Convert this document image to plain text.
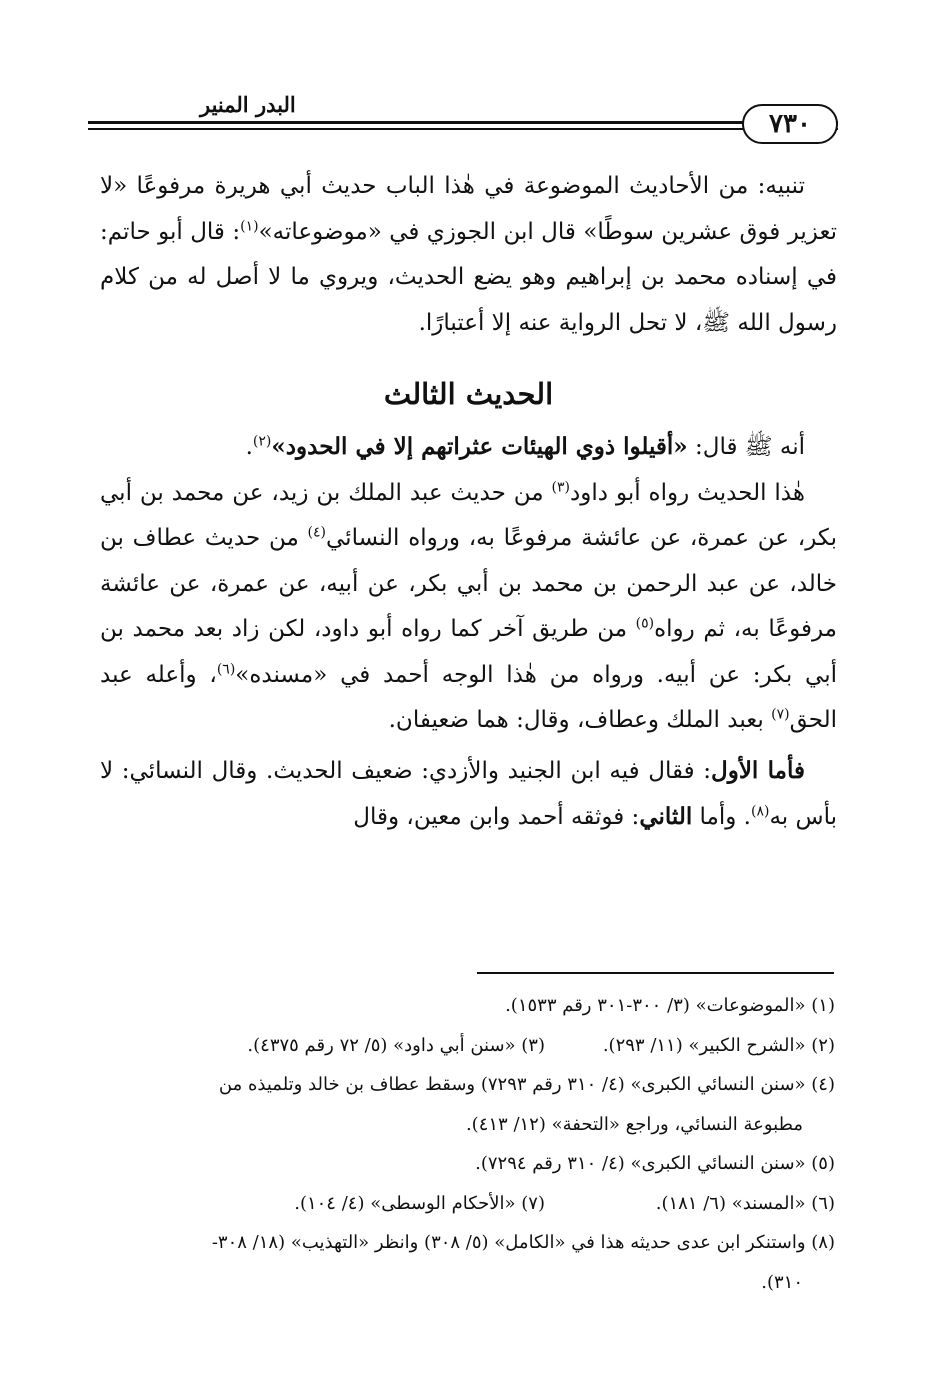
البدر المنير
٧٣٠

تنبيه: من الأحاديث الموضوعة في هٰذا الباب حديث أبي هريرة مرفوعًا «لا تعزير فوق عشرين سوطًا» قال ابن الجوزي في «موضوعاته»$^{(١)}$: قال أبو حاتم: في إسناده محمد بن إبراهيم وهو يضع الحديث، ويروي ما لا أصل له من كلام رسول الله ﷺ، لا تحل الرواية عنه إلا أعتبارًا.

الحديث الثالث

أنه ﷺ قال: «أقيلوا ذوي الهيئات عثراتهم إلا في الحدود»$^{(٢)}$.

هٰذا الحديث رواه أبو داود$^{(٣)}$ من حديث عبد الملك بن زيد، عن محمد بن أبي بكر، عن عمرة، عن عائشة مرفوعًا به، ورواه النسائي$^{(٤)}$ من حديث عطاف بن خالد، عن عبد الرحمن بن محمد بن أبي بكر، عن أبيه، عن عمرة، عن عائشة مرفوعًا به، ثم رواه$^{(٥)}$ من طريق آخر كما رواه أبو داود، لكن زاد بعد محمد بن أبي بكر: عن أبيه. ورواه من هٰذا الوجه أحمد في «مسنده»$^{(٦)}$، وأعله عبد الحق$^{(٧)}$ بعبد الملك وعطاف، وقال: هما ضعيفان.

فأما الأول: فقال فيه ابن الجنيد والأزدي: ضعيف الحديث. وقال النسائي: لا بأس به$^{(٨)}$. وأما الثاني: فوثقه أحمد وابن معين، وقال

(١) «الموضوعات» (٣/ ٣٠٠-٣٠١ رقم ١٥٣٣).

(٢) «الشرح الكبير» (١١/ ٢٩٣).

(٣) «سنن أبي داود» (٥/ ٧٢ رقم ٤٣٧٥).

(٤) «سنن النسائي الكبرى» (٤/ ٣١٠ رقم ٧٢٩٣) وسقط عطاف بن خالد وتلميذه من

مطبوعة النسائي، وراجع «التحفة» (١٢/ ٤١٣).

(٥) «سنن النسائي الكبرى» (٤/ ٣١٠ رقم ٧٢٩٤).

(٦) «المسند» (٦/ ١٨١).

(٧) «الأحكام الوسطى» (٤/ ١٠٤).

(٨) واستنكر ابن عدى حديثه هذا في «الكامل» (٥/ ٣٠٨) وانظر «التهذيب» (١٨/ ٣٠٨-

٣١٠).
